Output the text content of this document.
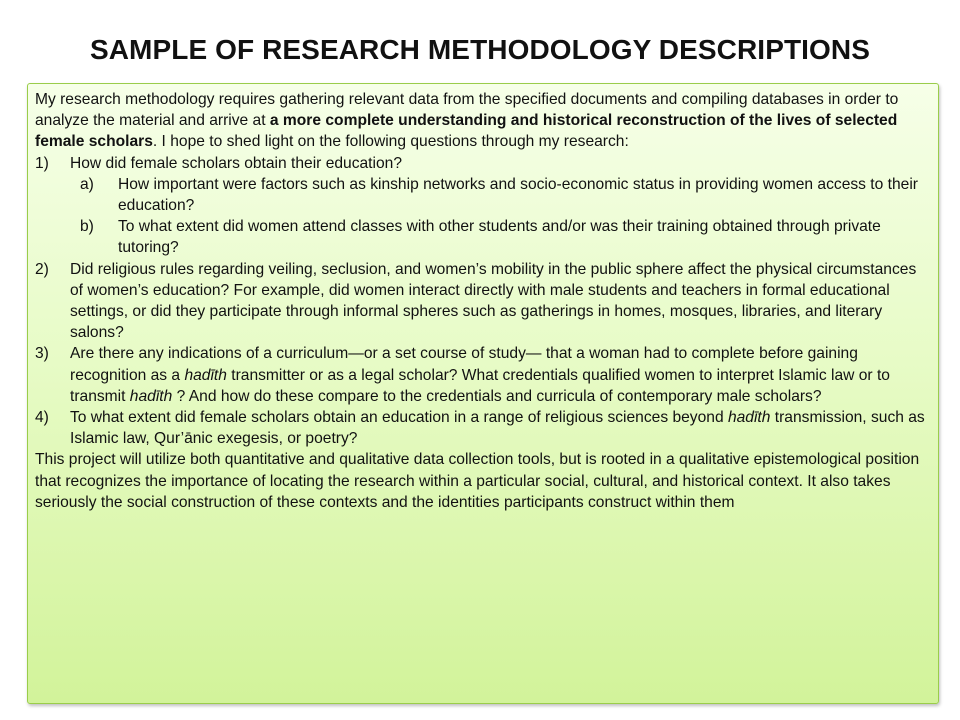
SAMPLE OF RESEARCH METHODOLOGY DESCRIPTIONS

My research methodology requires gathering relevant data from the specified documents and compiling databases in order to analyze the material and arrive at a more complete understanding and historical reconstruction of the lives of selected female scholars. I hope to shed light on the following questions through my research:

1)	How did female scholars obtain their education?
a)	How important were factors such as kinship networks and socio-economic status in providing women access to their education?
b)	To what extent did women attend classes with other students and/or was their training obtained through private tutoring?
2)	Did religious rules regarding veiling, seclusion, and women’s mobility in the public sphere affect the physical circumstances of women’s education? For example, did women interact directly with male students and teachers in formal educational settings, or did they participate through informal spheres such as gatherings in homes, mosques, libraries, and literary salons?
3)	Are there any indications of a curriculum—or a set course of study— that a woman had to complete before gaining recognition as a hadīth transmitter or as a legal scholar? What credentials qualified women to interpret Islamic law or to transmit hadīth ? And how do these compare to the credentials and curricula of contemporary male scholars?
4)	To what extent did female scholars obtain an education in a range of religious sciences beyond hadīth transmission, such as Islamic law, Qur’ānic exegesis, or poetry?

This project will utilize both quantitative and qualitative data collection tools, but is rooted in a qualitative epistemological position that recognizes the importance of locating the research within a particular social, cultural, and historical context. It also takes seriously the social construction of these contexts and the identities participants construct within them
